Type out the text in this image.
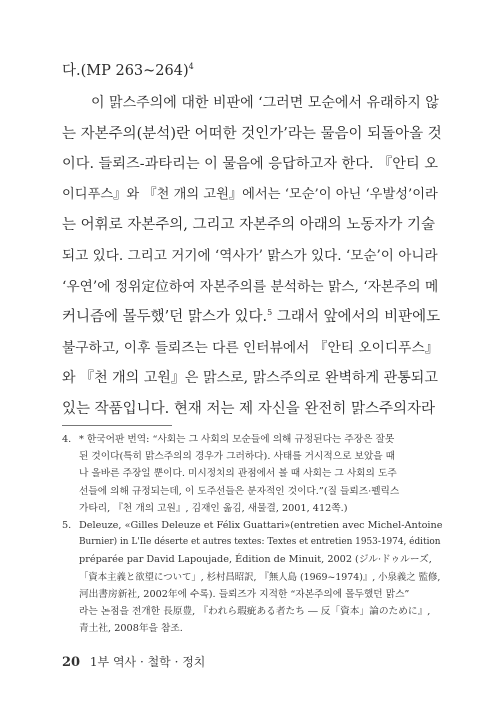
다.(MP 263~264)$^4$

이 맑스주의에 대한 비판에 ‘그러면 모순에서 유래하지 않

는 자본주의(분석)란 어떠한 것인가’라는 물음이 되돌아올 것

이다. 들뢰즈-과타리는 이 물음에 응답하고자 한다. 『안티 오

이디푸스』와 『천 개의 고원』에서는 ‘모순’이 아닌 ‘우발성’이라

는 어휘로 자본주의, 그리고 자본주의 아래의 노동자가 기술

되고 있다. 그리고 거기에 ‘역사가’ 맑스가 있다. ‘모순’이 아니라

‘우연’에 정위定位하여 자본주의를 분석하는 맑스, ‘자본주의 메

커니즘에 몰두했’던 맑스가 있다.$^5$ 그래서 앞에서의 비판에도

불구하고, 이후 들뢰즈는 다른 인터뷰에서 『안티 오이디푸스』

와 『천 개의 고원』은 맑스로, 맑스주의로 완벽하게 관통되고

있는 작품입니다. 현재 저는 제 자신을 완전히 맑스주의자라

4. * 한국어판 번역: “사회는 그 사회의 모순들에 의해 규정된다는 주장은 잘못
된 것이다(특히 맑스주의의 경우가 그러하다). 사태를 거시적으로 보았을 때
나 올바른 주장일 뿐이다. 미시정치의 관점에서 볼 때 사회는 그 사회의 도주
선들에 의해 규정되는데, 이 도주선들은 분자적인 것이다.”(질 들뢰즈·펠릭스
가타리, 『천 개의 고원』, 김재인 옮김, 새물결, 2001, 412쪽.)
5. Deleuze, «Gilles Deleuze et Félix Guattari»(entretien avec Michel-Antoine
Burnier) in L'Ile déserte et autres textes: Textes et entretien 1953-1974, édition
préparée par David Lapoujade, Édition de Minuit, 2002 (ジル·ドゥルーズ,
「資本主義と欲望について」, 杉村昌昭訳, 『無人島 (1969~1974)』, 小泉義之 監修,
河出書房新社, 2002年에 수록). 들뢰즈가 지적한 “자본주의에 몰두했던 맑스”
라는 논점을 전개한 長原豊, 『われら瑕疵ある者たち ― 反「資本」論のために』,
青土社, 2008年을 참조.
20 1부 역사 · 철학 · 정치
